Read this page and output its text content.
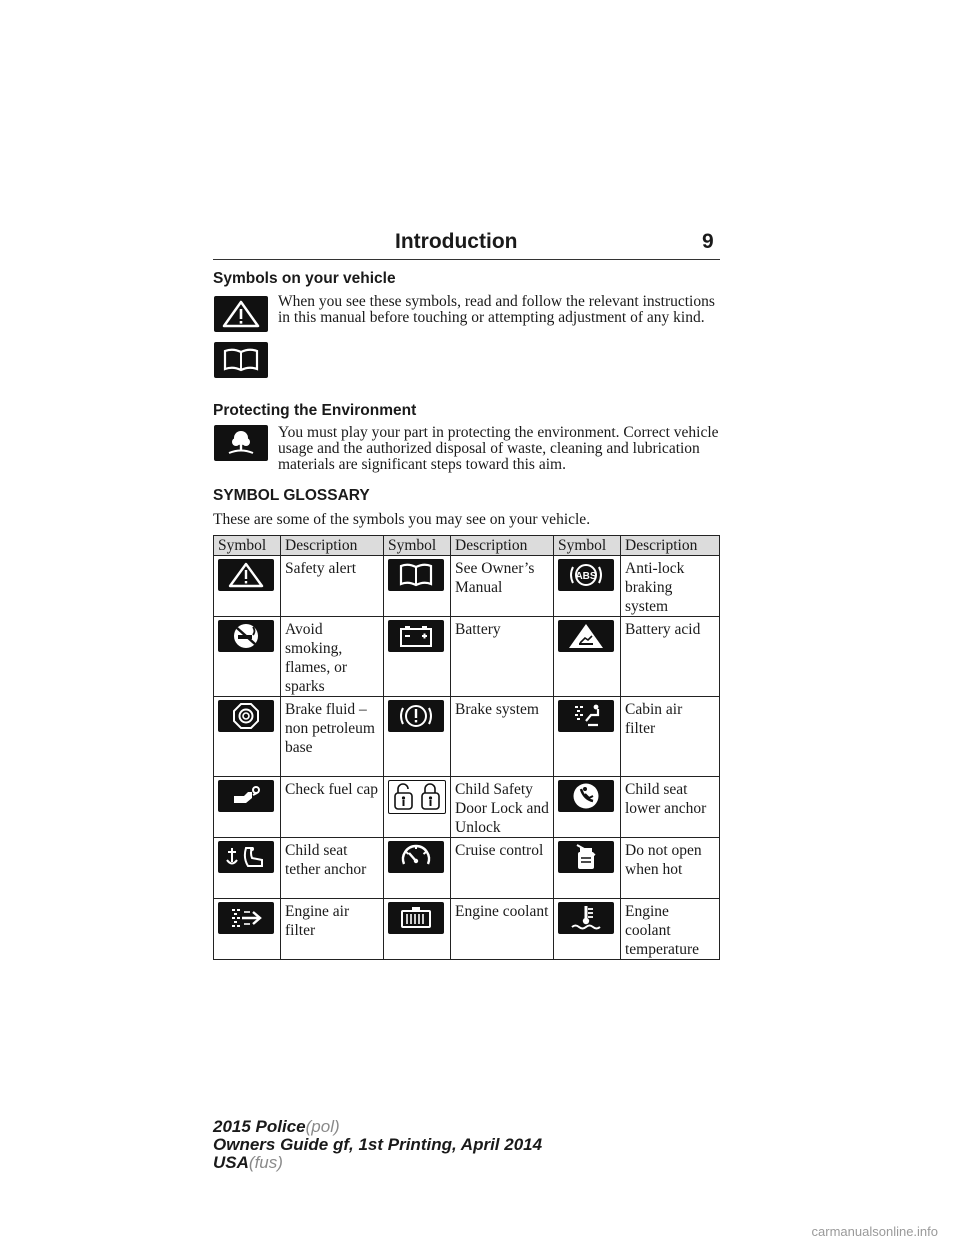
Introduction	9
Symbols on your vehicle
When you see these symbols, read and follow the relevant instructions in this manual before touching or attempting adjustment of any kind.
Protecting the Environment
You must play your part in protecting the environment. Correct vehicle usage and the authorized disposal of waste, cleaning and lubrication materials are significant steps toward this aim.
SYMBOL GLOSSARY
These are some of the symbols you may see on your vehicle.
Symbol	Description	Symbol	Description	Symbol	Description

	Safety alert		See Owner’s Manual	ABS	Anti-lock braking system

	Avoid smoking, flames, or sparks		Battery		Battery acid

	Brake fluid – non petroleum base		Brake system		Cabin air filter

	Check fuel cap		Child Safety Door Lock and Unlock		Child seat lower anchor

	Child seat tether anchor		Cruise control		Do not open when hot

	Engine air filter		Engine coolant		Engine coolant temperature
2015 Police(pol)
Owners Guide gf, 1st Printing, April 2014
USA(fus)
carmanualsonline.info
